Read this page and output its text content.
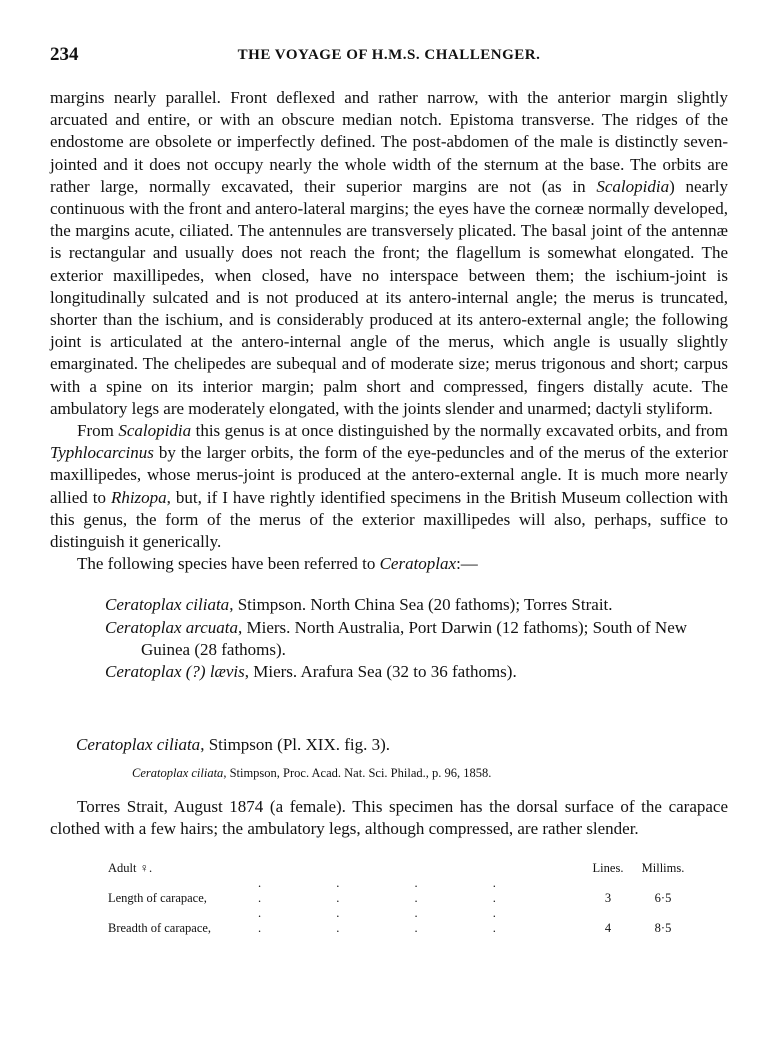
234	THE VOYAGE OF H.M.S. CHALLENGER.

margins nearly parallel. Front deflexed and rather narrow, with the anterior margin slightly arcuated and entire, or with an obscure median notch. Epistoma transverse. The ridges of the endostome are obsolete or imperfectly defined. The post-abdomen of the male is distinctly seven-jointed and it does not occupy nearly the whole width of the sternum at the base. The orbits are rather large, normally excavated, their superior margins are not (as in Scalopidia) nearly continuous with the front and antero-lateral margins; the eyes have the corneæ normally developed, the margins acute, ciliated. The antennules are transversely plicated. The basal joint of the antennæ is rectangular and usually does not reach the front; the flagellum is somewhat elongated. The exterior maxillipedes, when closed, have no interspace between them; the ischium-joint is longitudinally sulcated and is not produced at its antero-internal angle; the merus is truncated, shorter than the ischium, and is considerably produced at its antero-external angle; the following joint is articulated at the antero-internal angle of the merus, which angle is usually slightly emarginated. The chelipedes are subequal and of moderate size; merus trigonous and short; carpus with a spine on its interior margin; palm short and compressed, fingers distally acute. The ambulatory legs are moderately elongated, with the joints slender and unarmed; dactyli styliform.

From Scalopidia this genus is at once distinguished by the normally excavated orbits, and from Typhlocarcinus by the larger orbits, the form of the eye-peduncles and of the merus of the exterior maxillipedes, whose merus-joint is produced at the antero-external angle. It is much more nearly allied to Rhizopa, but, if I have rightly identified specimens in the British Museum collection with this genus, the form of the merus of the exterior maxillipedes will also, perhaps, suffice to distinguish it generically.

The following species have been referred to Ceratoplax:—

Ceratoplax ciliata, Stimpson. North China Sea (20 fathoms); Torres Strait.
Ceratoplax arcuata, Miers. North Australia, Port Darwin (12 fathoms); South of New Guinea (28 fathoms).
Ceratoplax (?) lævis, Miers. Arafura Sea (32 to 36 fathoms).
Ceratoplax ciliata, Stimpson (Pl. XIX. fig. 3).
Ceratoplax ciliata, Stimpson, Proc. Acad. Nat. Sci. Philad., p. 96, 1858.

Torres Strait, August 1874 (a female). This specimen has the dorsal surface of the carapace clothed with a few hairs; the ambulatory legs, although compressed, are rather slender.

Adult ♀.		Lines.	Millims.
Length of carapace,	. . . . . . . .	3	6·5
Breadth of carapace,	. . . . . . . .	4	8·5
